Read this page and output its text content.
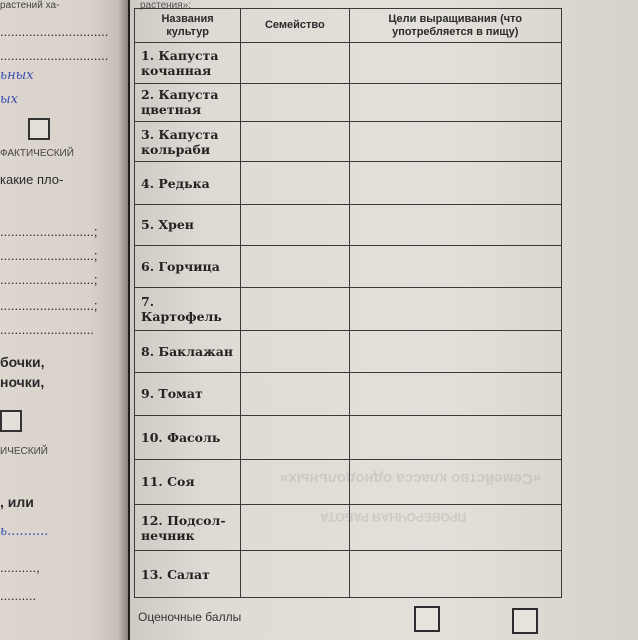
растений ха-
..............................
..............................
ьных
ых
ФАКТИЧЕСКИЙ
какие пло-
..........................;
..........................;
..........................;
..........................;
..........................
бочки,
ночки,
ИЧЕСКИЙ
, или
ь..........
..........,
..........
растения»:
«Семейство класса однодольных»
ПРОВЕРОЧНАЯ РАБОТА
Названия культур	Семейство	Цели выращивания (что употребляется в пищу)
1. Капуста кочанная		
2. Капуста цветная		
3. Капуста кольраби		
4. Редька		
5. Хрен		
6. Горчица		
7. Картофель		
8. Баклажан		
9. Томат		
10. Фасоль		
11. Соя		
12. Подсол- нечник		
13. Салат		
Оценочные баллы
